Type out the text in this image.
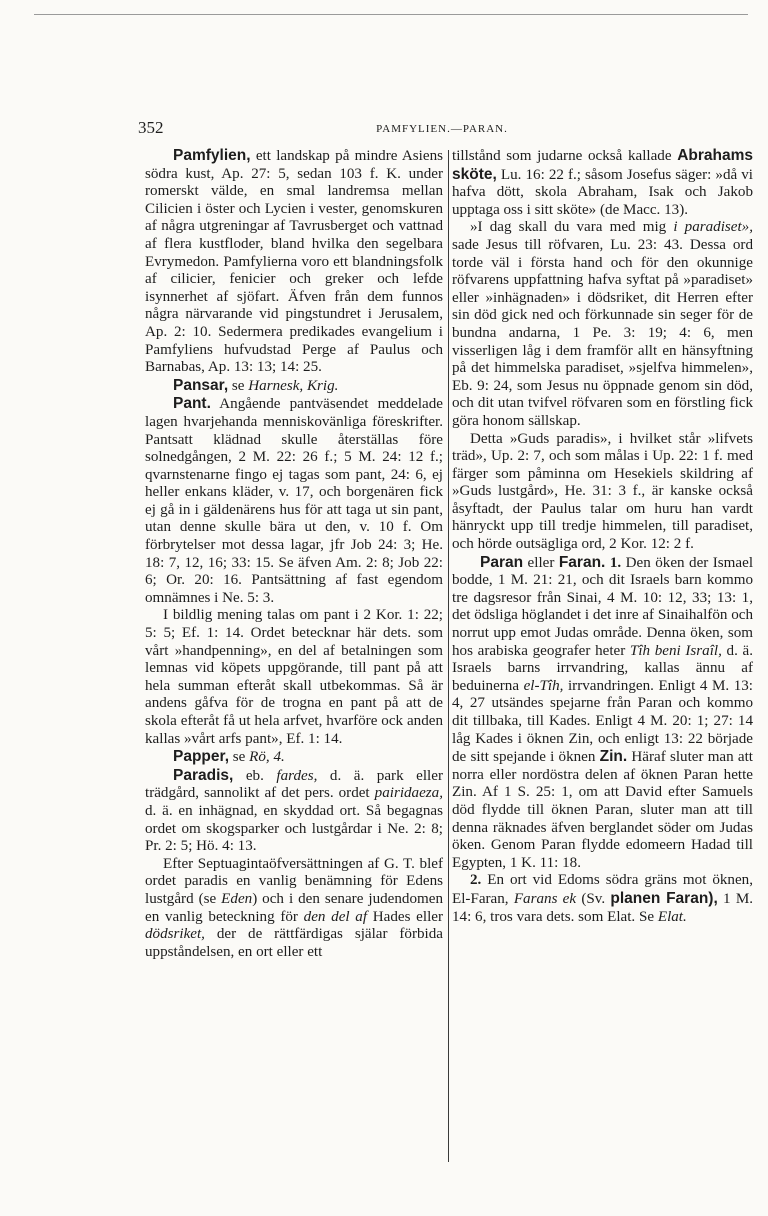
352	PAMFYLIEN.—PARAN.

Pamfylien, ett landskap på mindre Asiens södra kust, Ap. 27: 5, sedan 103 f. K. under romerskt välde, en smal landremsa mellan Cilicien i öster och Lycien i vester, genomskuren af några utgreningar af Tavrusberget och vattnad af flera kustfloder, bland hvilka den segelbara Evrymedon. Pamfylierna voro ett blandningsfolk af cilicier, fenicier och greker och lefde isynnerhet af sjöfart. Äfven från dem funnos några närvarande vid pingstundret i Jerusalem, Ap. 2: 10. Sedermera predikades evangelium i Pamfyliens hufvudstad Perge af Paulus och Barnabas, Ap. 13: 13; 14: 25.

Pansar, se Harnesk, Krig.

Pant. Angående pantväsendet meddelade lagen hvarjehanda menniskovänliga föreskrifter. Pantsatt klädnad skulle återställas före solnedgången, 2 M. 22: 26 f.; 5 M. 24: 12 f.; qvarnstenarne fingo ej tagas som pant, 24: 6, ej heller enkans kläder, v. 17, och borgenären fick ej gå in i gäldenärens hus för att taga ut sin pant, utan denne skulle bära ut den, v. 10 f. Om förbrytelser mot dessa lagar, jfr Job 24: 3; He. 18: 7, 12, 16; 33: 15. Se äfven Am. 2: 8; Job 22: 6; Or. 20: 16. Pantsättning af fast egendom omnämnes i Ne. 5: 3.

I bildlig mening talas om pant i 2 Kor. 1: 22; 5: 5; Ef. 1: 14. Ordet betecknar här dets. som vårt »handpenning», en del af betalningen som lemnas vid köpets uppgörande, till pant på att hela summan efteråt skall utbekommas. Så är andens gåfva för de trogna en pant på att de skola efteråt få ut hela arfvet, hvarföre ock anden kallas »vårt arfs pant», Ef. 1: 14.

Papper, se Rö, 4.

Paradis, eb. fardes, d. ä. park eller trädgård, sannolikt af det pers. ordet pairidaeza, d. ä. en inhägnad, en skyddad ort. Så begagnas ordet om skogsparker och lustgårdar i Ne. 2: 8; Pr. 2: 5; Hö. 4: 13.

Efter Septuagintaöfversättningen af G. T. blef ordet paradis en vanlig benämning för Edens lustgård (se Eden) och i den senare judendomen en vanlig beteckning för den del af Hades eller dödsriket, der de rättfärdigas själar förbida uppståndelsen, en ort eller ett

tillstånd som judarne också kallade Abrahams sköte, Lu. 16: 22 f.; såsom Josefus säger: »då vi hafva dött, skola Abraham, Isak och Jakob upptaga oss i sitt sköte» (de Macc. 13).

»I dag skall du vara med mig i paradiset», sade Jesus till röfvaren, Lu. 23: 43. Dessa ord torde väl i första hand och för den okunnige röfvarens uppfattning hafva syftat på »paradiset» eller »inhägnaden» i dödsriket, dit Herren efter sin död gick ned och förkunnade sin seger för de bundna andarna, 1 Pe. 3: 19; 4: 6, men visserligen låg i dem framför allt en hänsyftning på det himmelska paradiset, »sjelfva himmelen», Eb. 9: 24, som Jesus nu öppnade genom sin död, och dit utan tvifvel röfvaren som en förstling fick göra honom sällskap.

Detta »Guds paradis», i hvilket står »lifvets träd», Up. 2: 7, och som målas i Up. 22: 1 f. med färger som påminna om Hesekiels skildring af »Guds lustgård», He. 31: 3 f., är kanske också åsyftadt, der Paulus talar om huru han vardt hänryckt upp till tredje himmelen, till paradiset, och hörde outsägliga ord, 2 Kor. 12: 2 f.

Paran eller Faran. 1. Den öken der Ismael bodde, 1 M. 21: 21, och dit Israels barn kommo tre dagsresor från Sinai, 4 M. 10: 12, 33; 13: 1, det ödsliga höglandet i det inre af Sinaihalfön och norrut upp emot Judas område. Denna öken, som hos arabiska geografer heter Tîh beni Israîl, d. ä. Israels barns irrvandring, kallas ännu af beduinerna el-Tîh, irrvandringen. Enligt 4 M. 13: 4, 27 utsändes spejarne från Paran och kommo dit tillbaka, till Kades. Enligt 4 M. 20: 1; 27: 14 låg Kades i öknen Zin, och enligt 13: 22 började de sitt spejande i öknen Zin. Häraf sluter man att norra eller nordöstra delen af öknen Paran hette Zin. Af 1 S. 25: 1, om att David efter Samuels död flydde till öknen Paran, sluter man att till denna räknades äfven berglandet söder om Judas öken. Genom Paran flydde edomeern Hadad till Egypten, 1 K. 11: 18.

2. En ort vid Edoms södra gräns mot öknen, El-Faran, Farans ek (Sv. planen Faran), 1 M. 14: 6, tros vara dets. som Elat. Se Elat.
